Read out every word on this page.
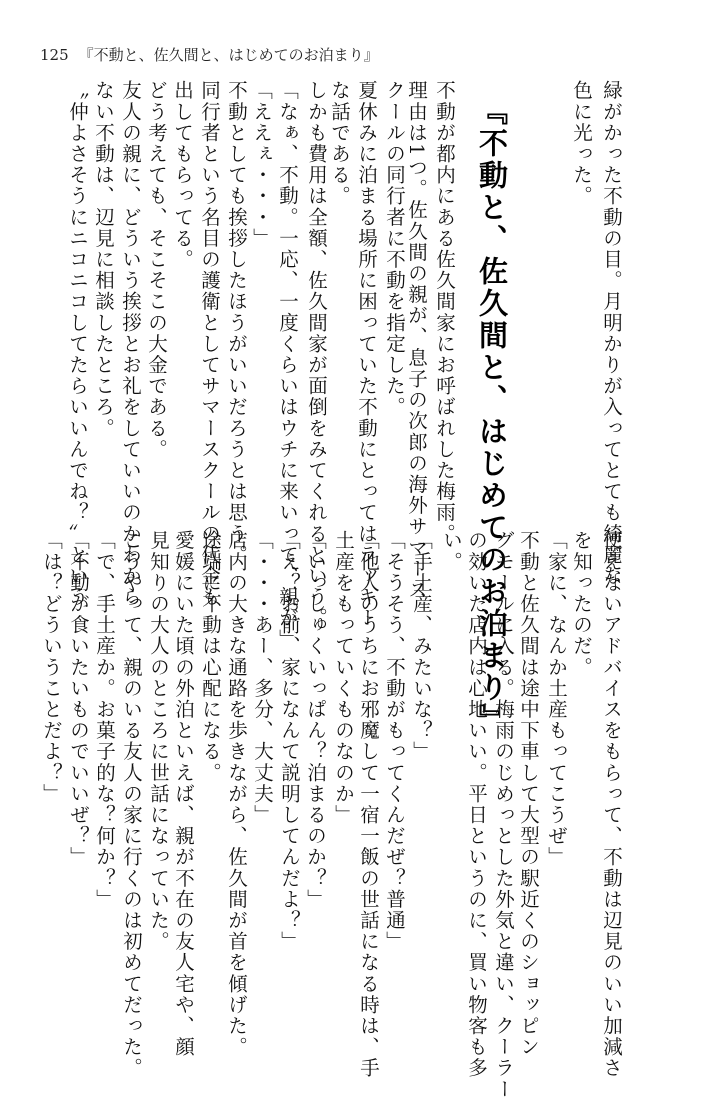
125 『不動と、佐久間と、はじめてのお泊まり』
緑がかった不動の目。月明かりが入ってとても綺麗な
色に光った。
『不動と、佐久間と、はじめてのお泊まり』
不動が都内にある佐久間家にお呼ばれした梅雨。
理由は1つ。佐久間の親が、息子の次郎の海外サマース
クールの同行者に不動を指定した。
夏休みに泊まる場所に困っていた不動にとってはラッキー
な話である。
しかも費用は全額、佐久間家が面倒をみてくれるという。
「なぁ、不動。一応、一度くらいはウチに来いって、親が」
「ええぇ・・・」
不動としても挨拶したほうがいいだろうとは思う。
同行者という名目の護衛としてサマースクールの代金も
出してもらってる。
どう考えても、そこそこの大金である。
友人の親に、どういう挨拶とお礼をしていいのかわから
ない不動は、辺見に相談したところ。
〝仲よさそうにニコニコしてたらいいんでね？〟という
使えないアドバイスをもらって、不動は辺見のいい加減さ
を知ったのだ。
「家に、なんか土産もってこうぜ」
不動と佐久間は途中下車して大型の駅近くのショッピン
グモールに入る。梅雨のじめっとした外気と違い、クーラー
の効いた店内は心地いい。平日というのに、買い物客も多
い。
「手土産、みたいな？」
「そうそう、不動がもってくんだぜ？普通」
「他人のうちにお邪魔して一宿一飯の世話になる時は、手
土産をもっていくものなのか」
「いっしゅくいっぱん？泊まるのか？」
「え？お前、家になんて説明してんだよ？」
「・・・あー、多分、大丈夫」
店内の大きな通路を歩きながら、佐久間が首を傾げた。
途端に不動は心配になる。
愛媛にいた頃の外泊といえば、親が不在の友人宅や、顔
見知りの大人のところに世話になっていた。
こうやって、親のいる友人の家に行くのは初めてだった。
「で、手土産か。お菓子的な？何か？」
「不動が食いたいものでいいぜ？」
「は？どういうことだよ？」
